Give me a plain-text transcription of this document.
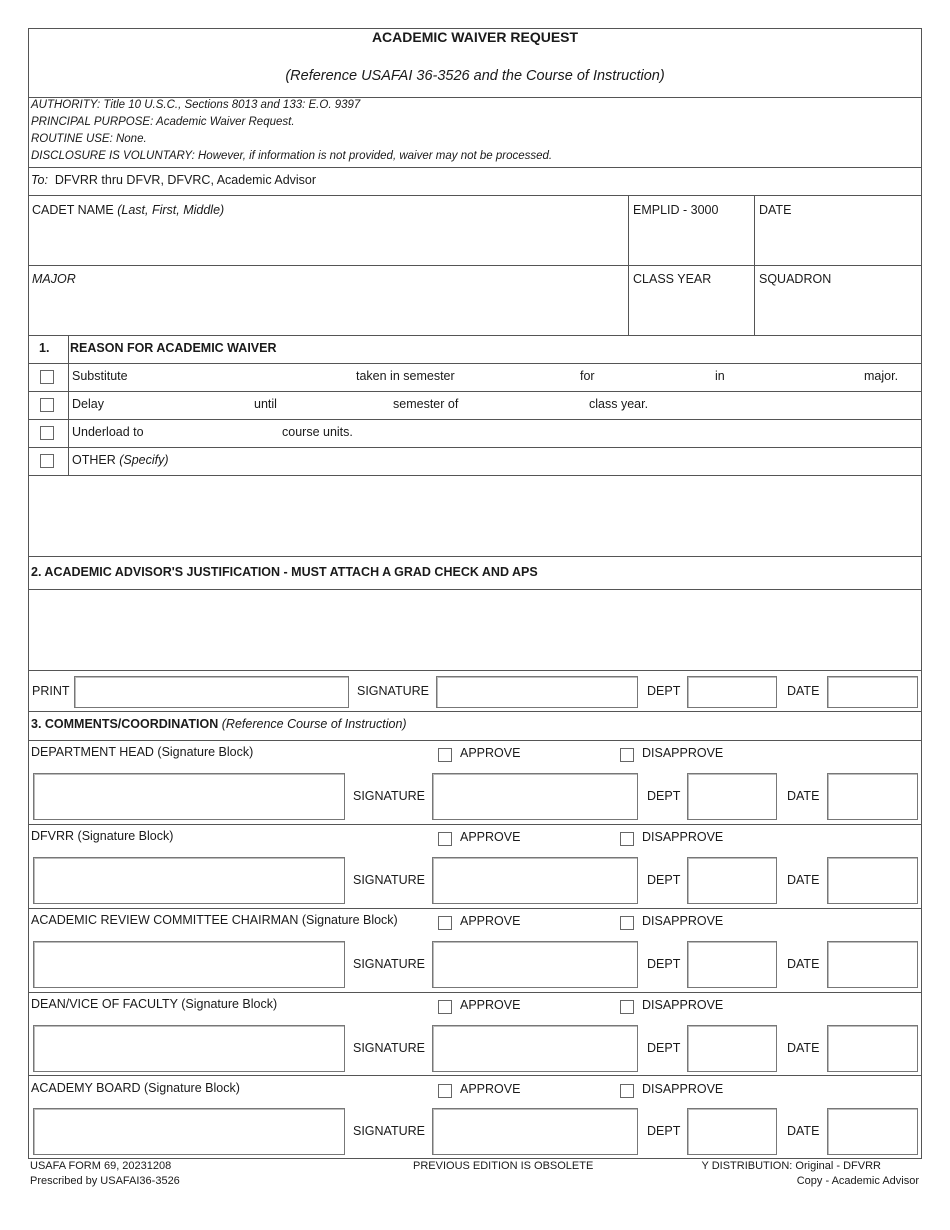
ACADEMIC WAIVER REQUEST
(Reference USAFAI 36-3526 and the Course of Instruction)
AUTHORITY: Title 10 U.S.C., Sections 8013 and 133: E.O. 9397
PRINCIPAL PURPOSE: Academic Waiver Request.
ROUTINE USE: None.
DISCLOSURE IS VOLUNTARY: However, if information is not provided, waiver may not be processed.
To: DFVRR thru DFVR, DFVRC, Academic Advisor
CADET NAME (Last, First, Middle)	EMPLID - 3000	DATE
MAJOR	CLASS YEAR	SQUADRON
1. REASON FOR ACADEMIC WAIVER
Substitute	taken in semester	for	in	major.
Delay	until	semester of	class year.
Underload to	course units.
OTHER (Specify)
2. ACADEMIC ADVISOR'S JUSTIFICATION - MUST ATTACH A GRAD CHECK AND APS
PRINT	SIGNATURE	DEPT	DATE
3. COMMENTS/COORDINATION (Reference Course of Instruction)
DEPARTMENT HEAD (Signature Block)	APPROVE	DISAPPROVE
SIGNATURE	DEPT	DATE
DFVRR (Signature Block)	APPROVE	DISAPPROVE
SIGNATURE	DEPT	DATE
ACADEMIC REVIEW COMMITTEE CHAIRMAN (Signature Block)	APPROVE	DISAPPROVE
SIGNATURE	DEPT	DATE
DEAN/VICE OF FACULTY (Signature Block)	APPROVE	DISAPPROVE
SIGNATURE	DEPT	DATE
ACADEMY BOARD (Signature Block)	APPROVE	DISAPPROVE
SIGNATURE	DEPT	DATE
USAFA FORM 69, 20231208
Prescribed by USAFAI36-3526
PREVIOUS EDITION IS OBSOLETE	Y DISTRIBUTION: Original - DFVRR
Copy - Academic Advisor
